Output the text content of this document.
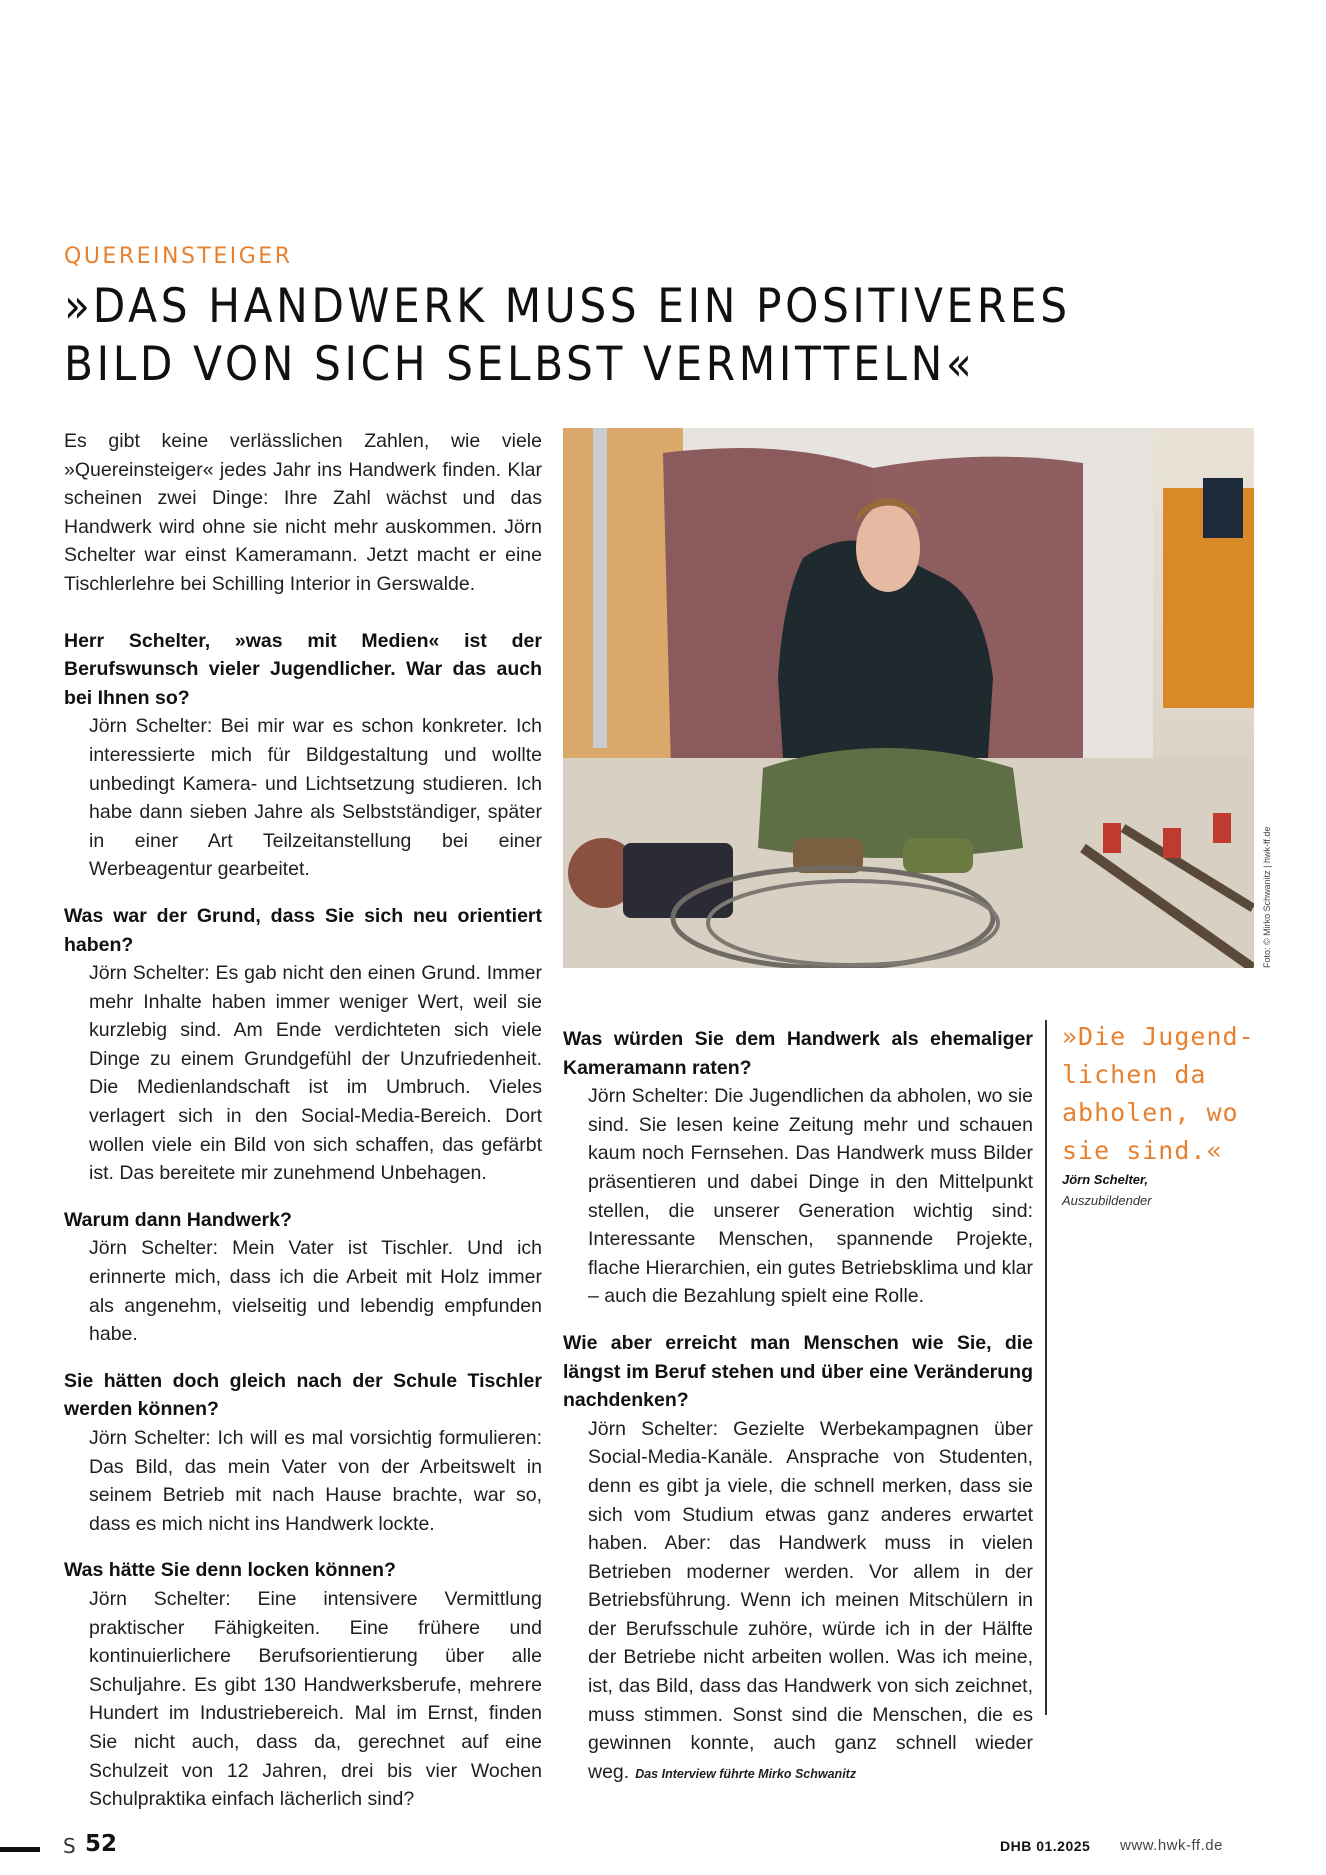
QUEREINSTEIGER
»DAS HANDWERK MUSS EIN POSITIVERES
BILD VON SICH SELBST VERMITTELN«

Es gibt keine verlässlichen Zahlen, wie viele »Quereinsteiger« jedes Jahr ins Handwerk finden. Klar scheinen zwei Dinge: Ihre Zahl wächst und das Handwerk wird ohne sie nicht mehr auskommen. Jörn Schelter war einst Kameramann. Jetzt macht er eine Tischlerlehre bei Schilling Interior in Gerswalde.

Herr Schelter, »was mit Medien« ist der Berufswunsch vieler Jugendlicher. War das auch bei Ihnen so?

Jörn Schelter: Bei mir war es schon konkreter. Ich interessierte mich für Bildgestaltung und wollte unbedingt Kamera- und Lichtsetzung studieren. Ich habe dann sieben Jahre als Selbstständiger, später in einer Art Teilzeitanstellung bei einer Werbeagentur gearbeitet.

Was war der Grund, dass Sie sich neu orientiert haben?

Jörn Schelter: Es gab nicht den einen Grund. Immer mehr Inhalte haben immer weniger Wert, weil sie kurzlebig sind. Am Ende verdichteten sich viele Dinge zu einem Grundgefühl der Unzufriedenheit. Die Medienlandschaft ist im Umbruch. Vieles verlagert sich in den Social-Media-Bereich. Dort wollen viele ein Bild von sich schaffen, das gefärbt ist. Das bereitete mir zunehmend Unbehagen.

Warum dann Handwerk?

Jörn Schelter: Mein Vater ist Tischler. Und ich erinnerte mich, dass ich die Arbeit mit Holz immer als angenehm, vielseitig und lebendig empfunden habe.

Sie hätten doch gleich nach der Schule Tischler werden können?

Jörn Schelter: Ich will es mal vorsichtig formulieren: Das Bild, das mein Vater von der Arbeitswelt in seinem Betrieb mit nach Hause brachte, war so, dass es mich nicht ins Handwerk lockte.

Was hätte Sie denn locken können?

Jörn Schelter: Eine intensivere Vermittlung praktischer Fähigkeiten. Eine frühere und kontinuierlichere Berufsorientierung über alle Schuljahre. Es gibt 130 Handwerksberufe, mehrere Hundert im Industriebereich. Mal im Ernst, finden Sie nicht auch, dass da, gerechnet auf eine Schulzeit von 12 Jahren, drei bis vier Wochen Schulpraktika einfach lächerlich sind?

Foto: © Mirko Schwanitz | hwk-ff.de

Was würden Sie dem Handwerk als ehemaliger Kameramann raten?

Jörn Schelter: Die Jugendlichen da abholen, wo sie sind. Sie lesen keine Zeitung mehr und schauen kaum noch Fernsehen. Das Handwerk muss Bilder präsentieren und dabei Dinge in den Mittelpunkt stellen, die unserer Generation wichtig sind: Interessante Menschen, spannende Projekte, flache Hierarchien, ein gutes Betriebsklima und klar – auch die Bezahlung spielt eine Rolle.

Wie aber erreicht man Menschen wie Sie, die längst im Beruf stehen und über eine Veränderung nachdenken?

Jörn Schelter: Gezielte Werbekampagnen über Social-Media-Kanäle. Ansprache von Studenten, denn es gibt ja viele, die schnell merken, dass sie sich vom Studium etwas ganz anderes erwartet haben. Aber: das Handwerk muss in vielen Betrieben moderner werden. Vor allem in der Betriebsführung. Wenn ich meinen Mitschülern in der Berufsschule zuhöre, würde ich in der Hälfte der Betriebe nicht arbeiten wollen. Was ich meine, ist, das Bild, dass das Handwerk von sich zeichnet, muss stimmen. Sonst sind die Menschen, die es gewinnen konnte, auch ganz schnell wieder weg. Das Interview führte Mirko Schwanitz

»Die Jugend-lichen da abholen, wo sie sind.«
Jörn Schelter,
Auszubildender
S 52	DHB 01.2025 www.hwk-ff.de
